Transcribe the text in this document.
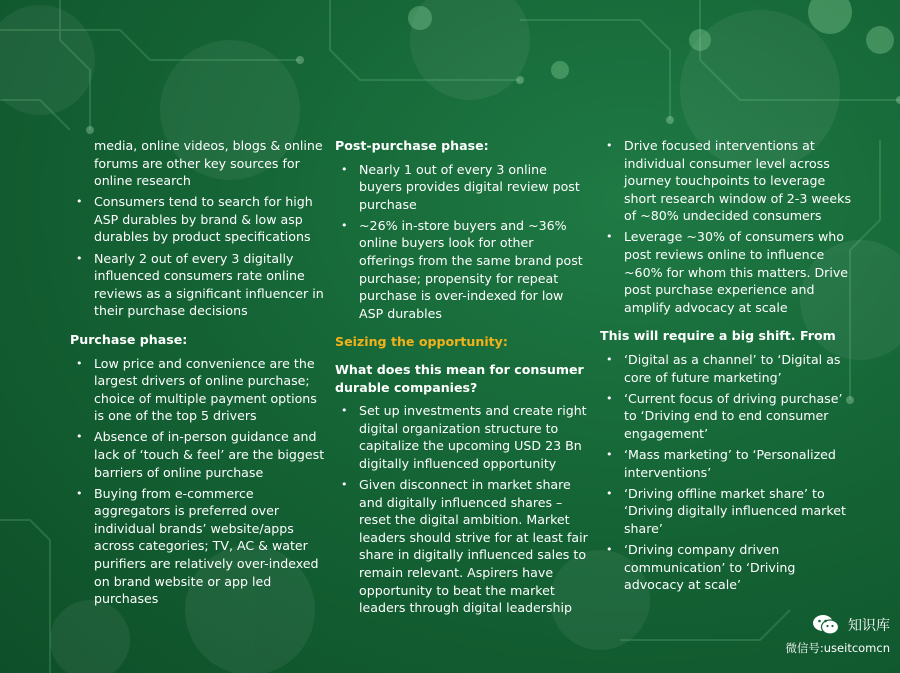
media, online videos, blogs & online forums are other key sources for online research
• Consumers tend to search for high ASP durables by brand & low asp durables by product specifications
• Nearly 2 out of every 3 digitally influenced consumers rate online reviews as a significant influencer in their purchase decisions
Purchase phase:
• Low price and convenience are the largest drivers of online purchase; choice of multiple payment options is one of the top 5 drivers
• Absence of in-person guidance and lack of ‘touch & feel’ are the biggest barriers of online purchase
• Buying from e-commerce aggregators is preferred over individual brands’ website/apps across categories; TV, AC & water purifiers are relatively over-indexed on brand website or app led purchases
Post-purchase phase:
• Nearly 1 out of every 3 online buyers provides digital review post purchase
• ~26% in-store buyers and ~36% online buyers look for other offerings from the same brand post purchase; propensity for repeat purchase is over-indexed for low ASP durables
Seizing the opportunity:
What does this mean for consumer durable companies?
• Set up investments and create right digital organization structure to capitalize the upcoming USD 23 Bn digitally influenced opportunity
• Given disconnect in market share and digitally influenced shares – reset the digital ambition. Market leaders should strive for at least fair share in digitally influenced sales to remain relevant. Aspirers have opportunity to beat the market leaders through digital leadership
• Drive focused interventions at individual consumer level across journey touchpoints to leverage short research window of 2-3 weeks of ~80% undecided consumers
• Leverage ~30% of consumers who post reviews online to influence ~60% for whom this matters. Drive post purchase experience and amplify advocacy at scale
This will require a big shift. From
• ‘Digital as a channel’ to ‘Digital as core of future marketing’
• ‘Current focus of driving purchase’ to ‘Driving end to end consumer engagement’
• ‘Mass marketing’ to ‘Personalized interventions’
• ‘Driving offline market share’ to ‘Driving digitally influenced market share’
• ‘Driving company driven communication’ to ‘Driving advocacy at scale’
知识库
微信号:useitcomcn
